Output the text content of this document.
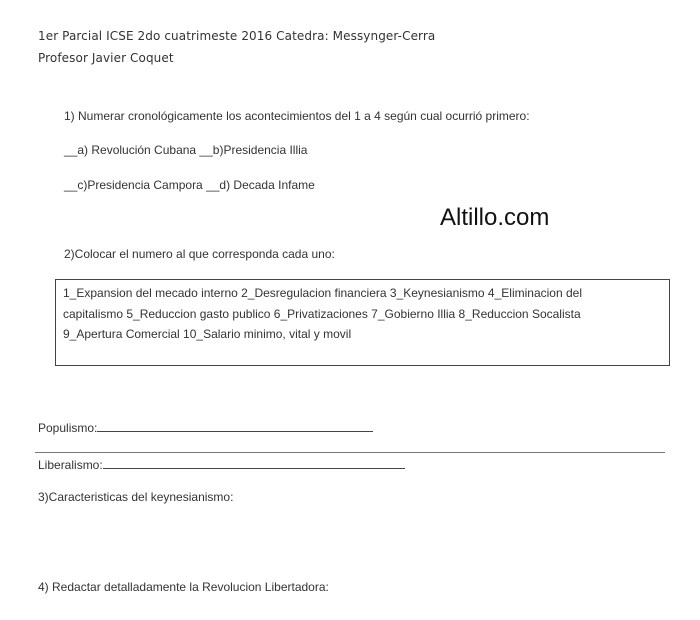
1er Parcial ICSE 2do cuatrimeste 2016 Catedra: Messynger-Cerra
Profesor Javier Coquet
1) Numerar cronológicamente los acontecimientos del 1 a 4 según cual ocurrió primero:
__a) Revolución Cubana __b)Presidencia Illia
__c)Presidencia Campora __d) Decada Infame
Altillo.com
2)Colocar el numero al que corresponda cada uno:
1_Expansion del mecado interno 2_Desregulacion financiera 3_Keynesianismo 4_Eliminacion del
capitalismo 5_Reduccion gasto publico 6_Privatizaciones 7_Gobierno Illia 8_Reduccion Socalista
9_Apertura Comercial 10_Salario minimo, vital y movil
Populismo:
Liberalismo:
3)Caracteristicas del keynesianismo:
4) Redactar detalladamente la Revolucion Libertadora:
